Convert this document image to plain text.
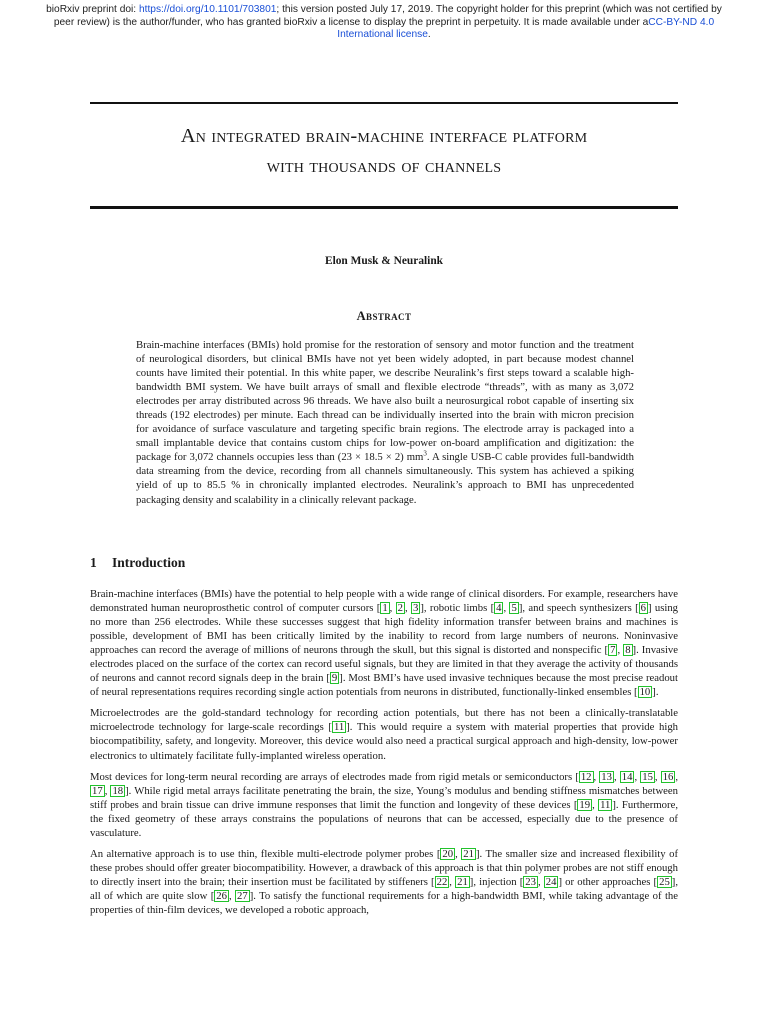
bioRxiv preprint doi: https://doi.org/10.1101/703801; this version posted July 17, 2019. The copyright holder for this preprint (which was not certified by peer review) is the author/funder, who has granted bioRxiv a license to display the preprint in perpetuity. It is made available under aCC-BY-ND 4.0 International license.
An integrated brain-machine interface platform
with thousands of channels
Elon Musk & Neuralink
Abstract

Brain-machine interfaces (BMIs) hold promise for the restoration of sensory and motor function and the treatment of neurological disorders, but clinical BMIs have not yet been widely adopted, in part because modest channel counts have limited their potential. In this white paper, we describe Neuralink’s first steps toward a scalable high-bandwidth BMI system. We have built arrays of small and flexible electrode “threads”, with as many as 3,072 electrodes per array distributed across 96 threads. We have also built a neurosurgical robot capable of inserting six threads (192 electrodes) per minute. Each thread can be individually inserted into the brain with micron precision for avoidance of surface vasculature and targeting specific brain regions. The electrode array is packaged into a small implantable device that contains custom chips for low-power on-board amplification and digitization: the package for 3,072 channels occupies less than (23 × 18.5 × 2) $mm^3$. A single USB-C cable provides full-bandwidth data streaming from the device, recording from all channels simultaneously. This system has achieved a spiking yield of up to 85.5 % in chronically implanted electrodes. Neuralink’s approach to BMI has unprecedented packaging density and scalability in a clinically relevant package.

1 Introduction

Brain-machine interfaces (BMIs) have the potential to help people with a wide range of clinical disorders. For example, researchers have demonstrated human neuroprosthetic control of computer cursors [ 1 , 2 , 3 ], robotic limbs [ 4 , 5 ], and speech synthesizers [ 6 ] using no more than 256 electrodes. While these successes suggest that high fidelity information transfer between brains and machines is possible, development of BMI has been critically limited by the inability to record from large numbers of neurons. Noninvasive approaches can record the average of millions of neurons through the skull, but this signal is distorted and nonspecific [ 7 , 8 ]. Invasive electrodes placed on the surface of the cortex can record useful signals, but they are limited in that they average the activity of thousands of neurons and cannot record signals deep in the brain [ 9 ]. Most BMI’s have used invasive techniques because the most precise readout of neural representations requires recording single action potentials from neurons in distributed, functionally-linked ensembles [ 10 ].

Microelectrodes are the gold-standard technology for recording action potentials, but there has not been a clinically-translatable microelectrode technology for large-scale recordings [ 11 ]. This would require a system with material properties that provide high biocompatibility, safety, and longevity. Moreover, this device would also need a practical surgical approach and high-density, low-power electronics to ultimately facilitate fully-implanted wireless operation.

Most devices for long-term neural recording are arrays of electrodes made from rigid metals or semiconductors [ 12 , 13 , 14 , 15 , 16 , 17 , 18 ]. While rigid metal arrays facilitate penetrating the brain, the size, Young’s modulus and bending stiffness mismatches between stiff probes and brain tissue can drive immune responses that limit the function and longevity of these devices [ 19 , 11 ]. Furthermore, the fixed geometry of these arrays constrains the populations of neurons that can be accessed, especially due to the presence of vasculature.

An alternative approach is to use thin, flexible multi-electrode polymer probes [ 20 , 21 ]. The smaller size and increased flexibility of these probes should offer greater biocompatibility. However, a drawback of this approach is that thin polymer probes are not stiff enough to directly insert into the brain; their insertion must be facilitated by stiffeners [ 22 , 21 ], injection [ 23 , 24 ] or other approaches [ 25 ], all of which are quite slow [ 26 , 27 ]. To satisfy the functional requirements for a high-bandwidth BMI, while taking advantage of the properties of thin-film devices, we developed a robotic approach,
